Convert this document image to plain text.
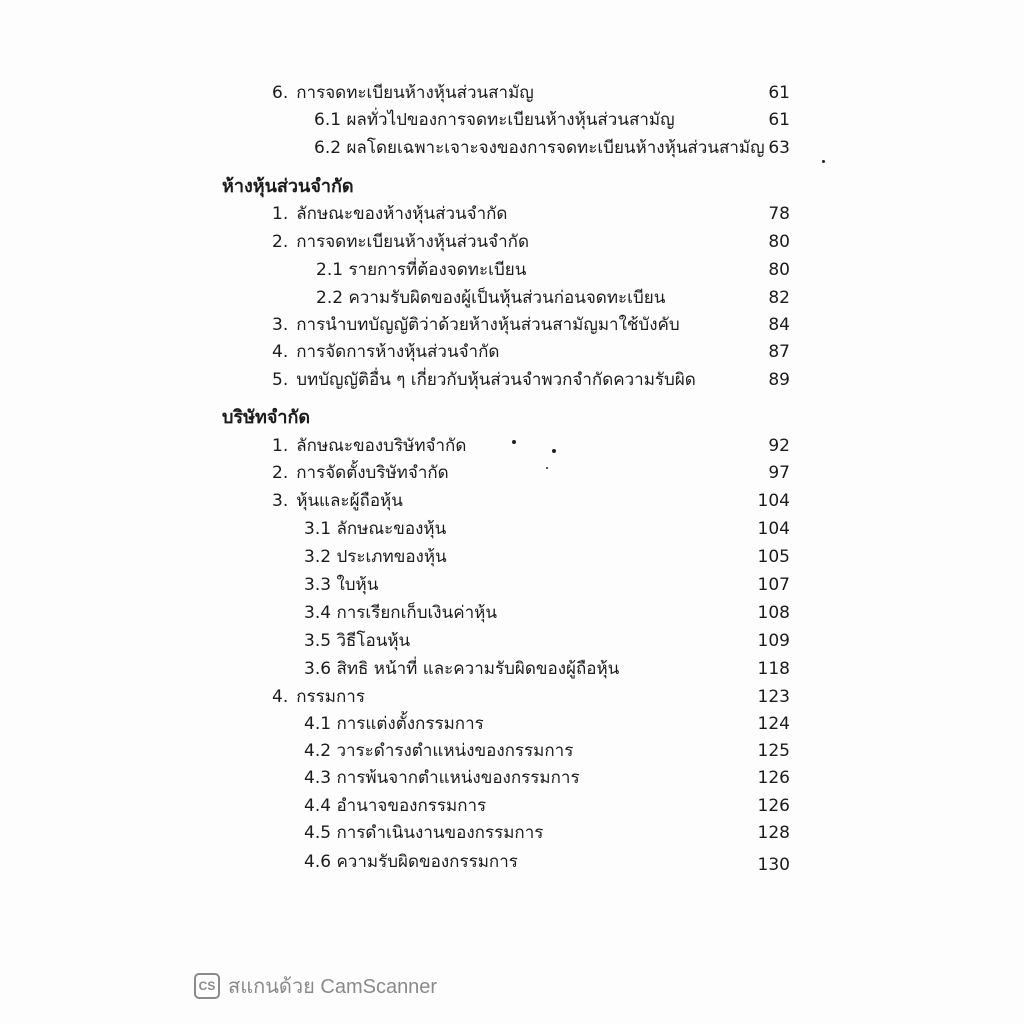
6. การจดทะเบียนห้างหุ้นส่วนสามัญ	61
6.1 ผลทั่วไปของการจดทะเบียนห้างหุ้นส่วนสามัญ	61
6.2 ผลโดยเฉพาะเจาะจงของการจดทะเบียนห้างหุ้นส่วนสามัญ 63
ห้างหุ้นส่วนจำกัด
1. ลักษณะของห้างหุ้นส่วนจำกัด	78
2. การจดทะเบียนห้างหุ้นส่วนจำกัด	80
2.1 รายการที่ต้องจดทะเบียน	80
2.2 ความรับผิดของผู้เป็นหุ้นส่วนก่อนจดทะเบียน	82
3. การนำบทบัญญัติว่าด้วยห้างหุ้นส่วนสามัญมาใช้บังคับ	84
4. การจัดการห้างหุ้นส่วนจำกัด	87
5. บทบัญญัติอื่น ๆ เกี่ยวกับหุ้นส่วนจำพวกจำกัดความรับผิด	89
บริษัทจำกัด
1. ลักษณะของบริษัทจำกัด	92
2. การจัดตั้งบริษัทจำกัด	97
3. หุ้นและผู้ถือหุ้น	104
3.1 ลักษณะของหุ้น	104
3.2 ประเภทของหุ้น	105
3.3 ใบหุ้น	107
3.4 การเรียกเก็บเงินค่าหุ้น	108
3.5 วิธีโอนหุ้น	109
3.6 สิทธิ หน้าที่ และความรับผิดของผู้ถือหุ้น	118
4. กรรมการ	123
4.1 การแต่งตั้งกรรมการ	124
4.2 วาระดำรงตำแหน่งของกรรมการ	125
4.3 การพ้นจากตำแหน่งของกรรมการ	126
4.4 อำนาจของกรรมการ	126
4.5 การดำเนินงานของกรรมการ	128
4.6 ความรับผิดของกรรมการ	130
CS สแกนด้วย CamScanner
